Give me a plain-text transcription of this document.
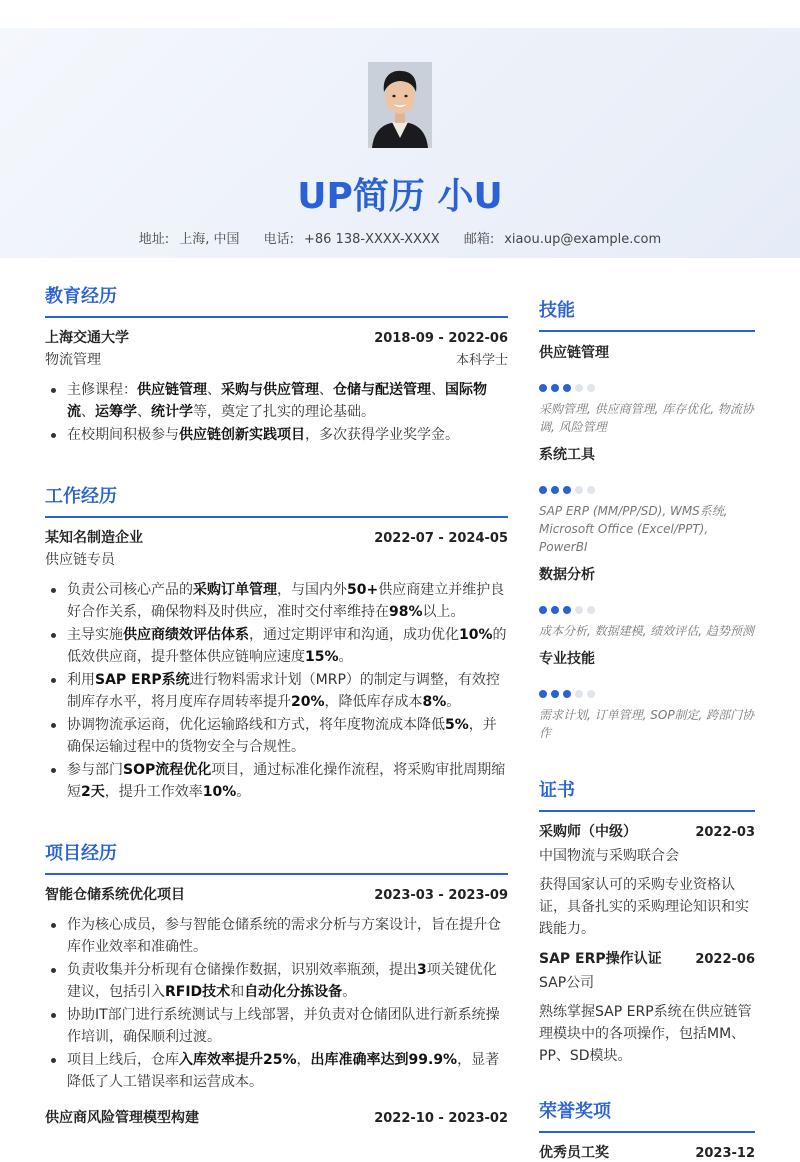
UP简历 小U
地址: 上海, 中国 电话: +86 138-XXXX-XXXX 邮箱: xiaou.up@example.com
教育经历
上海交通大学	2018-09 - 2022-06
物流管理	本科学士
主修课程：供应链管理、采购与供应管理、仓储与配送管理、国际物流、运筹学、统计学等，奠定了扎实的理论基础。
在校期间积极参与供应链创新实践项目，多次获得学业奖学金。
工作经历
某知名制造企业	2022-07 - 2024-05
供应链专员
负责公司核心产品的采购订单管理，与国内外50+供应商建立并维护良好合作关系，确保物料及时供应，准时交付率维持在98%以上。
主导实施供应商绩效评估体系，通过定期评审和沟通，成功优化10%的低效供应商，提升整体供应链响应速度15%。
利用SAP ERP系统进行物料需求计划（MRP）的制定与调整，有效控制库存水平，将月度库存周转率提升20%，降低库存成本8%。
协调物流承运商，优化运输路线和方式，将年度物流成本降低5%，并确保运输过程中的货物安全与合规性。
参与部门SOP流程优化项目，通过标准化操作流程，将采购审批周期缩短2天，提升工作效率10%。
项目经历
智能仓储系统优化项目	2023-03 - 2023-09
作为核心成员，参与智能仓储系统的需求分析与方案设计，旨在提升仓库作业效率和准确性。
负责收集并分析现有仓储操作数据，识别效率瓶颈，提出3项关键优化建议，包括引入RFID技术和自动化分拣设备。
协助IT部门进行系统测试与上线部署，并负责对仓储团队进行新系统操作培训，确保顺利过渡。
项目上线后，仓库入库效率提升25%，出库准确率达到99.9%，显著降低了人工错误率和运营成本。
供应商风险管理模型构建	2022-10 - 2023-02
技能
供应链管理
采购管理, 供应商管理, 库存优化, 物流协调, 风险管理
系统工具
SAP ERP (MM/PP/SD), WMS系统, Microsoft Office (Excel/PPT), PowerBI
数据分析
成本分析, 数据建模, 绩效评估, 趋势预测
专业技能
需求计划, 订单管理, SOP制定, 跨部门协作
证书
采购师（中级）	2022-03
中国物流与采购联合会
获得国家认可的采购专业资格认证，具备扎实的采购理论知识和实践能力。
SAP ERP操作认证	2022-06
SAP公司
熟练掌握SAP ERP系统在供应链管理模块中的各项操作，包括MM、PP、SD模块。
荣誉奖项
优秀员工奖	2023-12
